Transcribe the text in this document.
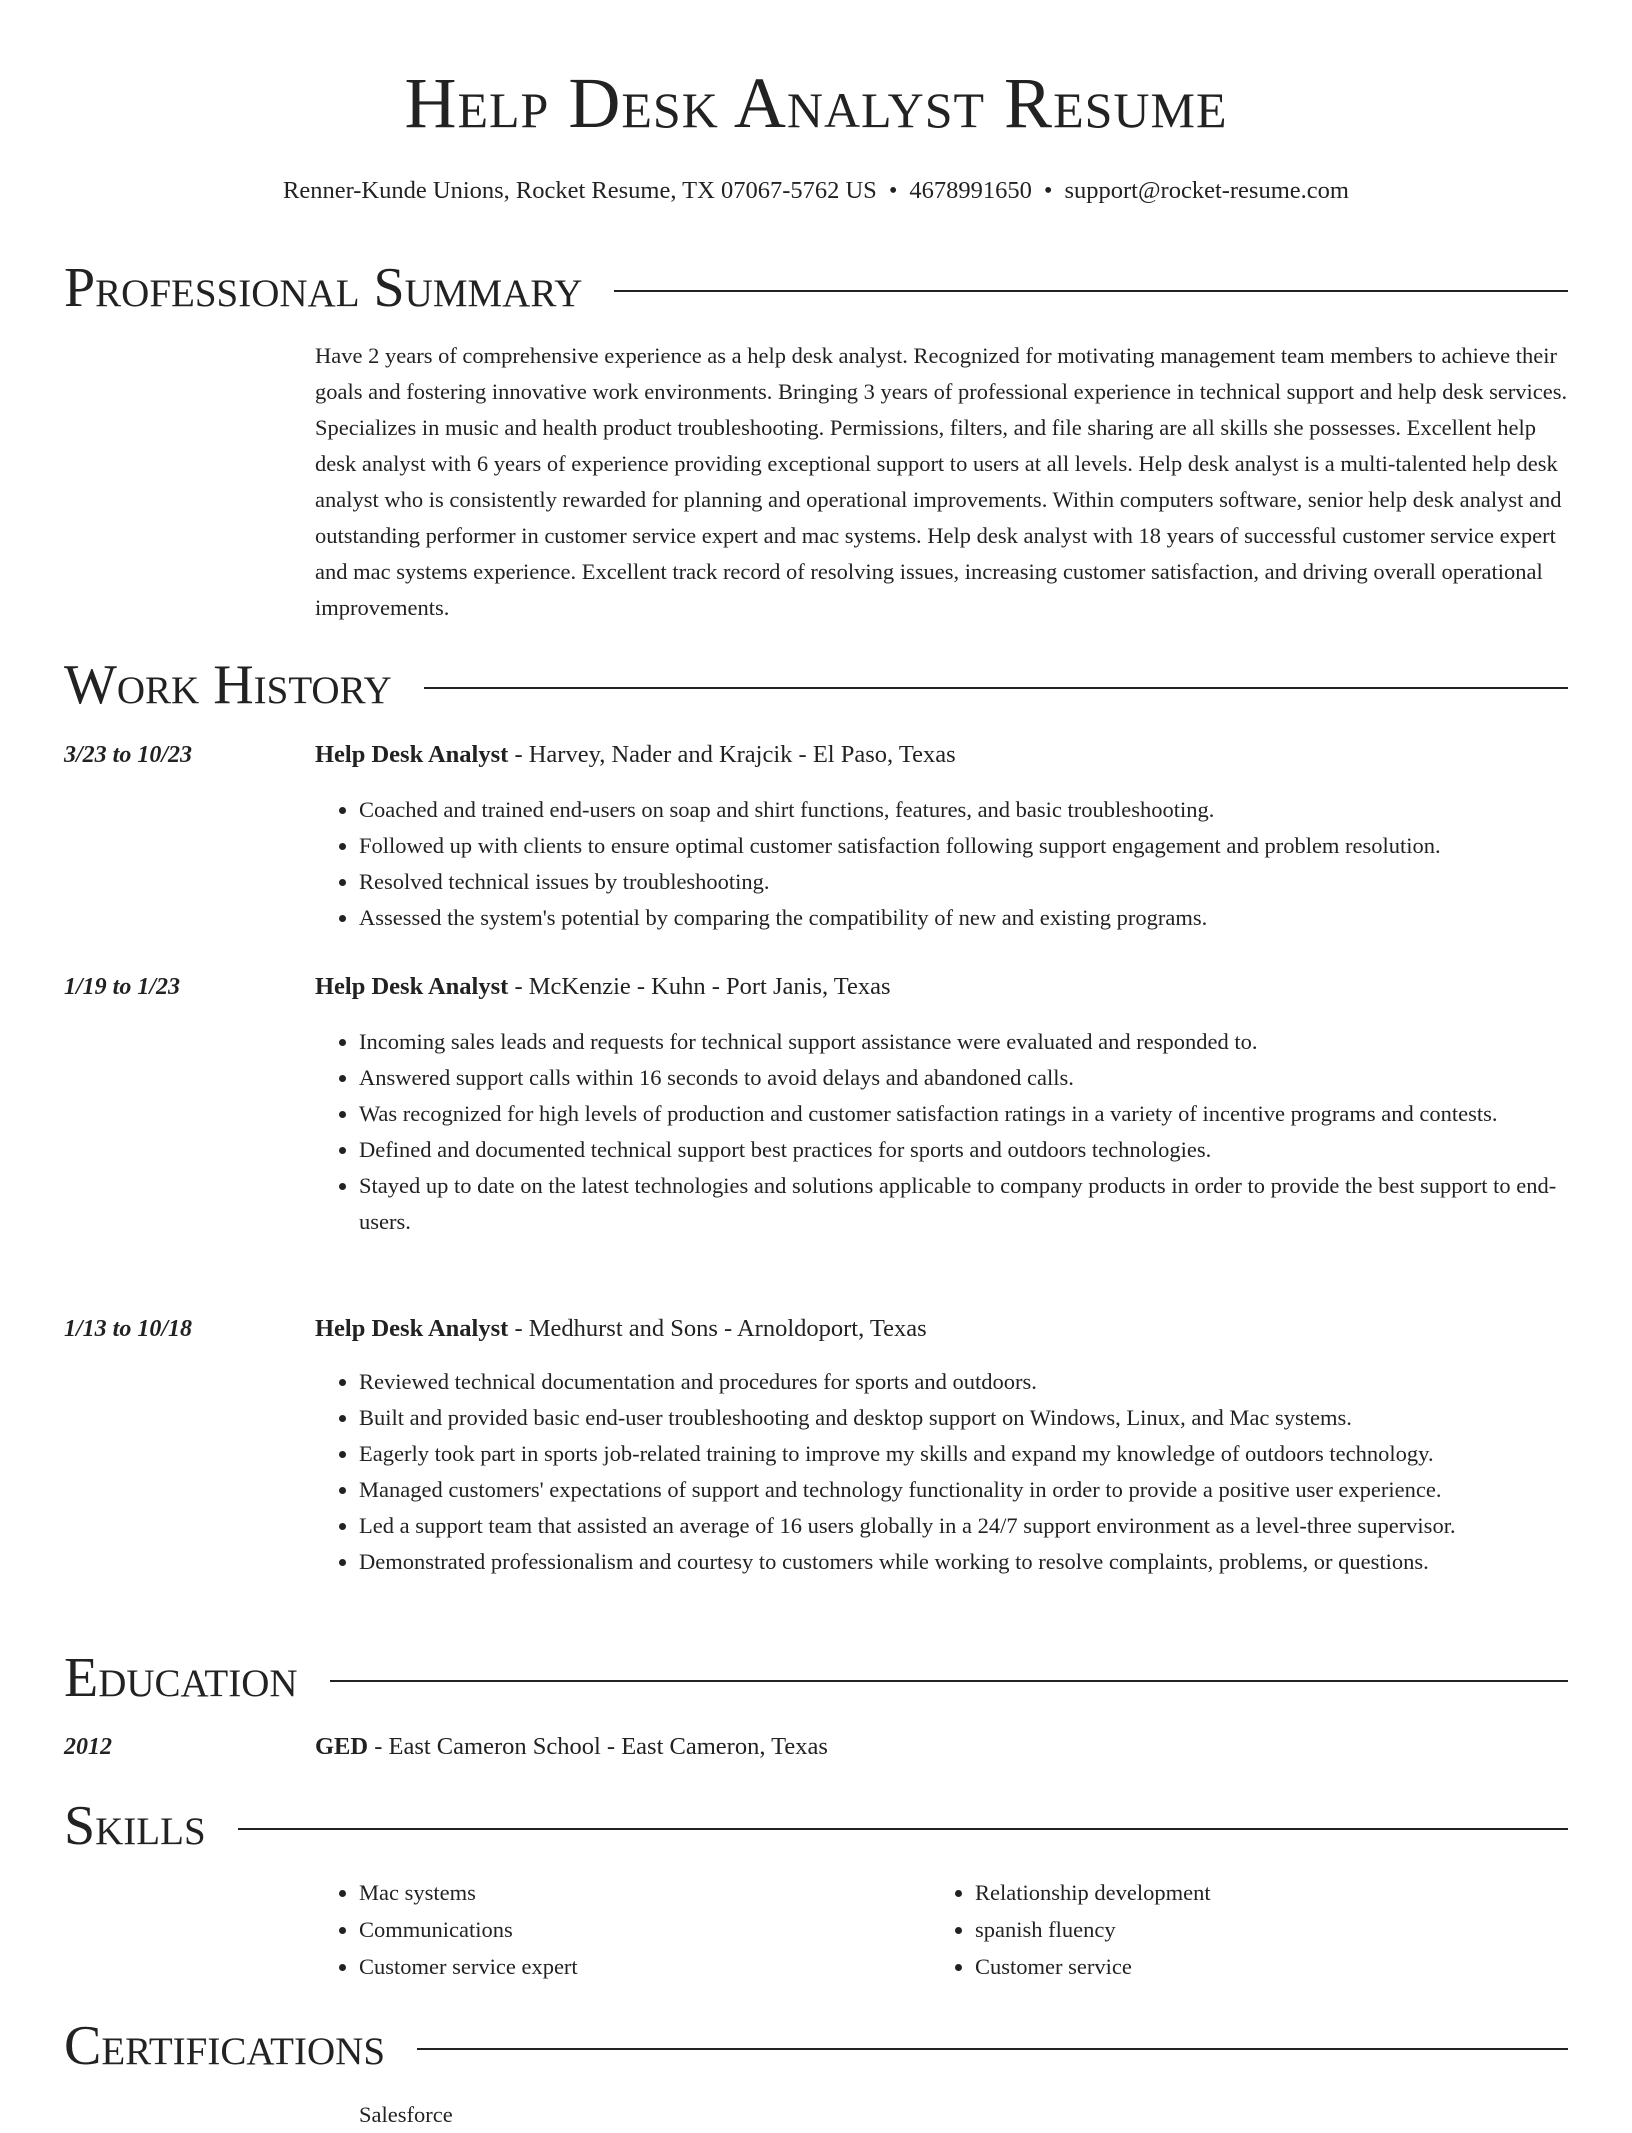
Help Desk Analyst Resume
Renner-Kunde Unions, Rocket Resume, TX 07067-5762 US • 4678991650 • support@rocket-resume.com
Professional Summary

Have 2 years of comprehensive experience as a help desk analyst. Recognized for motivating management team members to achieve their goals and fostering innovative work environments. Bringing 3 years of professional experience in technical support and help desk services. Specializes in music and health product troubleshooting. Permissions, filters, and file sharing are all skills she possesses. Excellent help desk analyst with 6 years of experience providing exceptional support to users at all levels. Help desk analyst is a multi-talented help desk analyst who is consistently rewarded for planning and operational improvements. Within computers software, senior help desk analyst and outstanding performer in customer service expert and mac systems. Help desk analyst with 18 years of successful customer service expert and mac systems experience. Excellent track record of resolving issues, increasing customer satisfaction, and driving overall operational improvements.

Work History
3/23 to 10/23	Help Desk Analyst - Harvey, Nader and Krajcik - El Paso, Texas
• Coached and trained end-users on soap and shirt functions, features, and basic troubleshooting.
• Followed up with clients to ensure optimal customer satisfaction following support engagement and problem resolution.
• Resolved technical issues by troubleshooting.
• Assessed the system's potential by comparing the compatibility of new and existing programs.
1/19 to 1/23	Help Desk Analyst - McKenzie - Kuhn - Port Janis, Texas
• Incoming sales leads and requests for technical support assistance were evaluated and responded to.
• Answered support calls within 16 seconds to avoid delays and abandoned calls.
• Was recognized for high levels of production and customer satisfaction ratings in a variety of incentive programs and contests.
• Defined and documented technical support best practices for sports and outdoors technologies.
• Stayed up to date on the latest technologies and solutions applicable to company products in order to provide the best support to end-users.
1/13 to 10/18	Help Desk Analyst - Medhurst and Sons - Arnoldoport, Texas
• Reviewed technical documentation and procedures for sports and outdoors.
• Built and provided basic end-user troubleshooting and desktop support on Windows, Linux, and Mac systems.
• Eagerly took part in sports job-related training to improve my skills and expand my knowledge of outdoors technology.
• Managed customers' expectations of support and technology functionality in order to provide a positive user experience.
• Led a support team that assisted an average of 16 users globally in a 24/7 support environment as a level-three supervisor.
• Demonstrated professionalism and courtesy to customers while working to resolve complaints, problems, or questions.
Education
2012	GED - East Cameron School - East Cameron, Texas
Skills
• Mac systems
• Communications
• Customer service expert
• Relationship development
• spanish fluency
• Customer service
Certifications
Salesforce
